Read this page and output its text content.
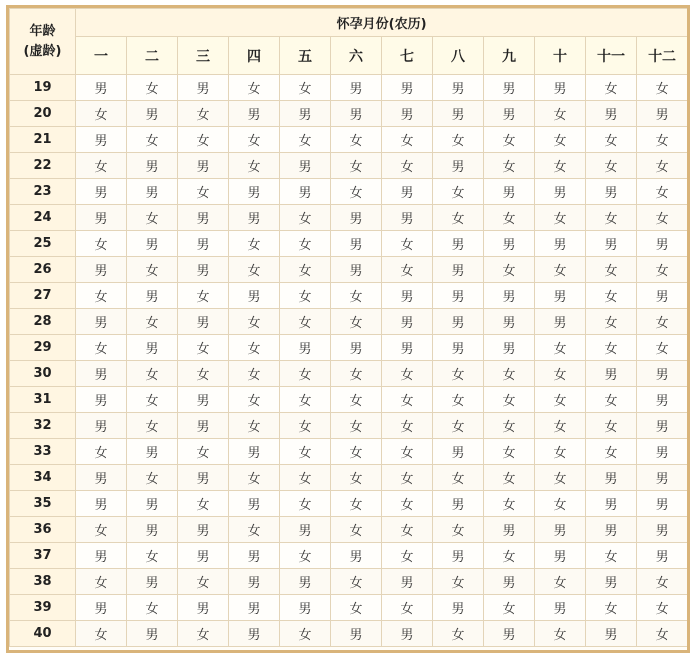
年龄
(虚龄)	怀孕月份(农历)											
	一	二	三	四	五	六	七	八	九	十	十一	十二
19	男	女	男	女	女	男	男	男	男	男	女	女
20	女	男	女	男	男	男	男	男	男	女	男	男
21	男	女	女	女	女	女	女	女	女	女	女	女
22	女	男	男	女	男	女	女	男	女	女	女	女
23	男	男	女	男	男	女	男	女	男	男	男	女
24	男	女	男	男	女	男	男	女	女	女	女	女
25	女	男	男	女	女	男	女	男	男	男	男	男
26	男	女	男	女	女	男	女	男	女	女	女	女
27	女	男	女	男	女	女	男	男	男	男	女	男
28	男	女	男	女	女	女	男	男	男	男	女	女
29	女	男	女	女	男	男	男	男	男	女	女	女
30	男	女	女	女	女	女	女	女	女	女	男	男
31	男	女	男	女	女	女	女	女	女	女	女	男
32	男	女	男	女	女	女	女	女	女	女	女	男
33	女	男	女	男	女	女	女	男	女	女	女	男
34	男	女	男	女	女	女	女	女	女	女	男	男
35	男	男	女	男	女	女	女	男	女	女	男	男
36	女	男	男	女	男	女	女	女	男	男	男	男
37	男	女	男	男	女	男	女	男	女	男	女	男
38	女	男	女	男	男	女	男	女	男	女	男	女
39	男	女	男	男	男	女	女	男	女	男	女	女
40	女	男	女	男	女	男	男	女	男	女	男	女
